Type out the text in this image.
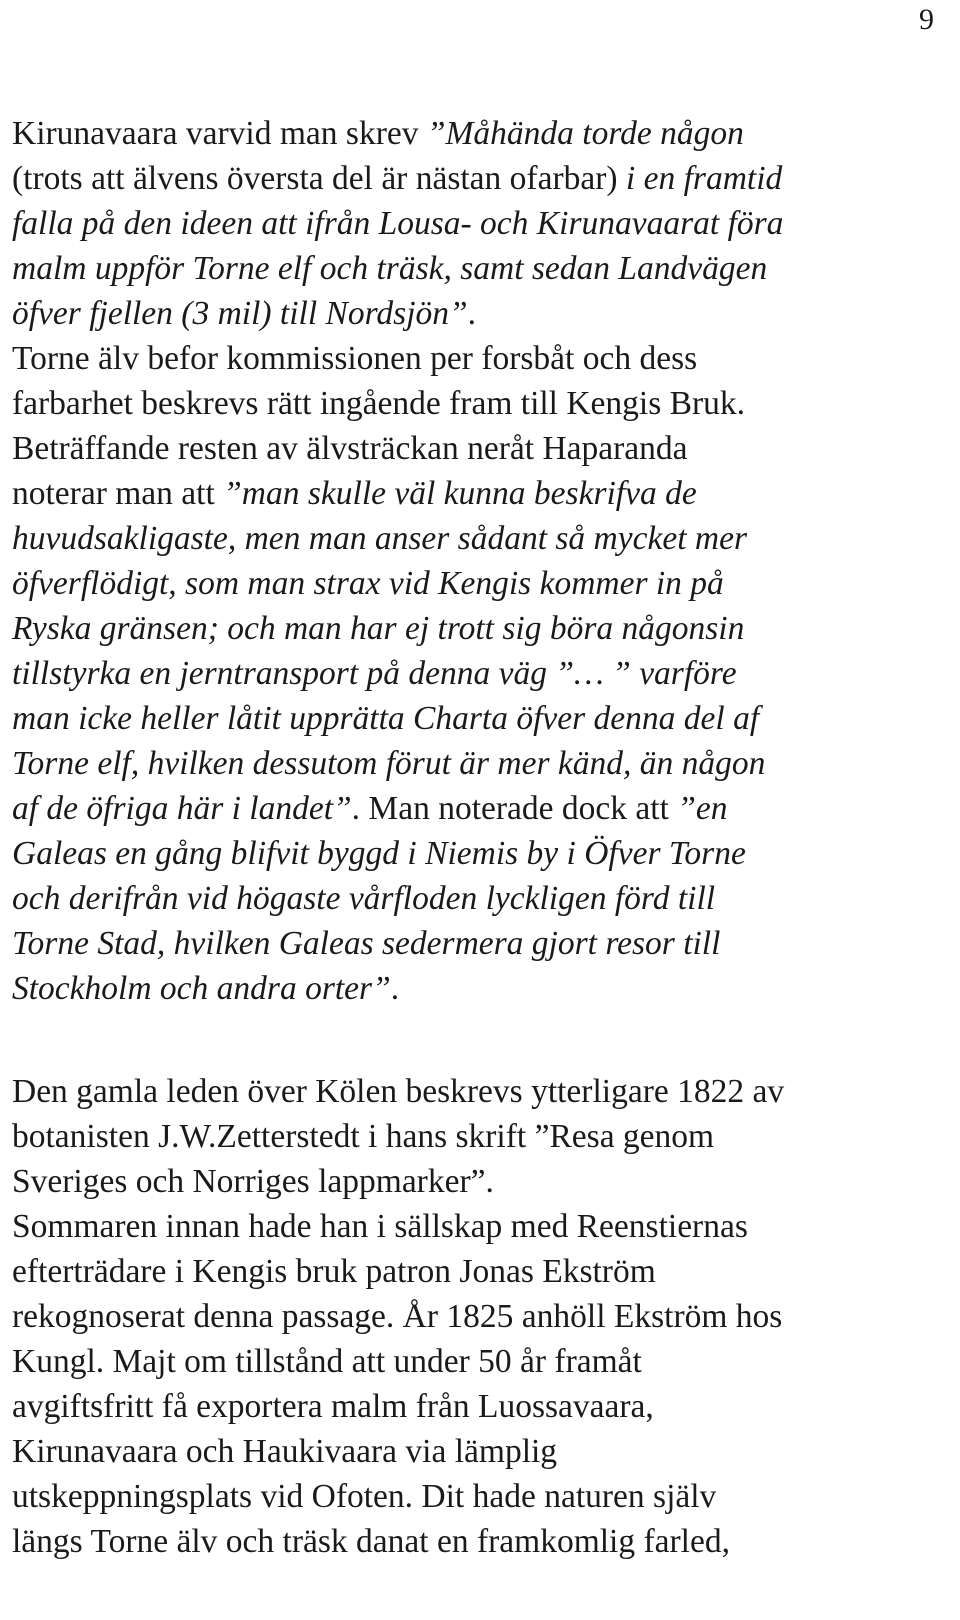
9
Kirunavaara varvid man skrev ”Måhända torde någon
(trots att älvens översta del är nästan ofarbar) i en framtid
falla på den ideen att ifrån Lousa- och Kirunavaarat föra
malm uppför Torne elf och träsk, samt sedan Landvägen
öfver fjellen (3 mil) till Nordsjön”.
Torne älv befor kommissionen per forsbåt och dess
farbarhet beskrevs rätt ingående fram till Kengis Bruk.
Beträffande resten av älvsträckan neråt Haparanda
noterar man att ”man skulle väl kunna beskrifva de
huvudsakligaste, men man anser sådant så mycket mer
öfverflödigt, som man strax vid Kengis kommer in på
Ryska gränsen; och man har ej trott sig böra någonsin
tillstyrka en jerntransport på denna väg ”… ” varföre
man icke heller låtit upprätta Charta öfver denna del af
Torne elf, hvilken dessutom förut är mer känd, än någon
af de öfriga här i landet”. Man noterade dock att ”en
Galeas en gång blifvit byggd i Niemis by i Öfver Torne
och derifrån vid högaste vårfloden lyckligen förd till
Torne Stad, hvilken Galeas sedermera gjort resor till
Stockholm och andra orter”.
Den gamla leden över Kölen beskrevs ytterligare 1822 av
botanisten J.W.Zetterstedt i hans skrift ”Resa genom
Sveriges och Norriges lappmarker”.
Sommaren innan hade han i sällskap med Reenstiernas
efterträdare i Kengis bruk patron Jonas Ekström
rekognoserat denna passage. År 1825 anhöll Ekström hos
Kungl. Majt om tillstånd att under 50 år framåt
avgiftsfritt få exportera malm från Luossavaara,
Kirunavaara och Haukivaara via lämplig
utskeppningsplats vid Ofoten. Dit hade naturen själv
längs Torne älv och träsk danat en framkomlig farled,
